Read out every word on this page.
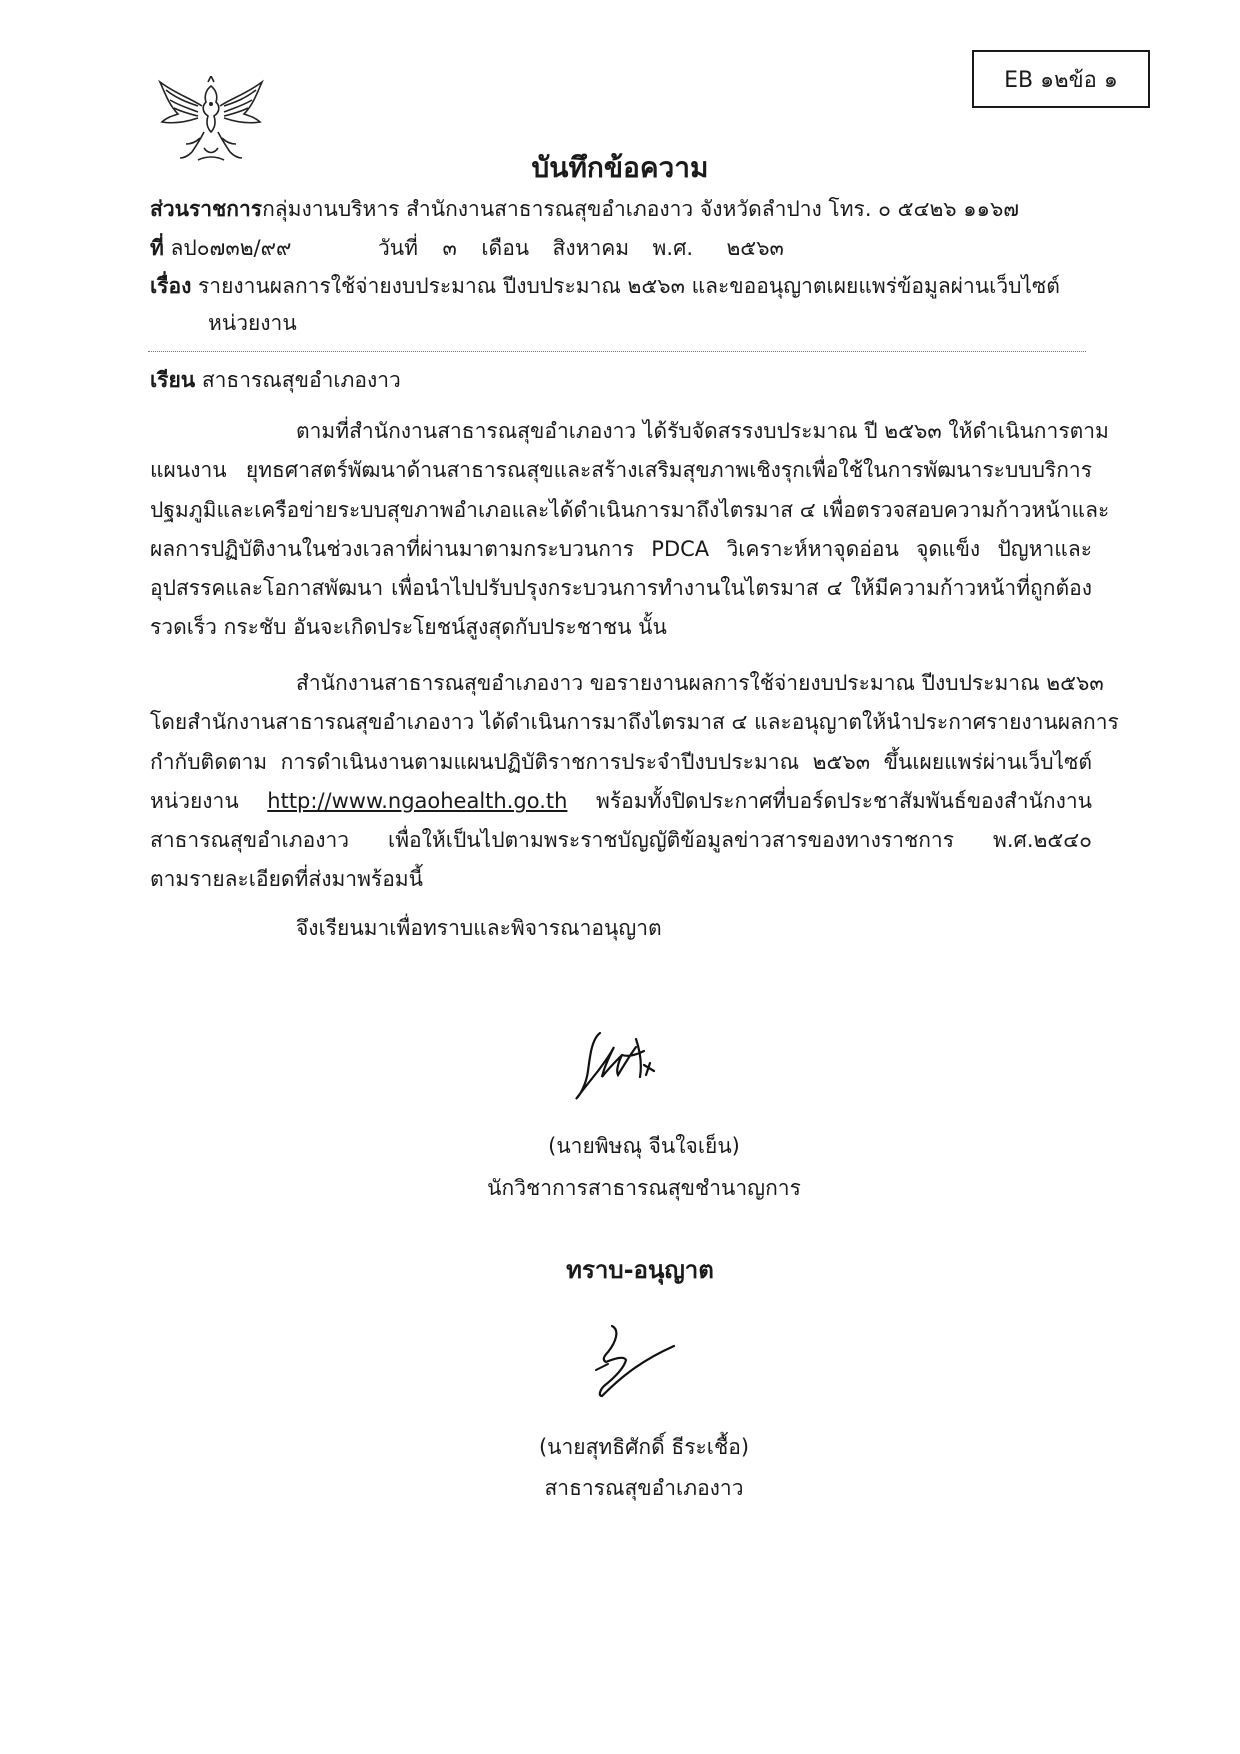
EB ๑๒ข้อ ๑
บันทึกข้อความ
ส่วนราชการกลุ่มงานบริหาร สำนักงานสาธารณสุขอำเภองาว จังหวัดลำปาง โทร. ๐ ๕๔๒๖ ๑๑๖๗
ที่ ลป๐๗๓๒/๙๙	วันที่ ๓ เดือน สิงหาคม พ.ศ. ๒๕๖๓
เรื่อง รายงานผลการใช้จ่ายงบประมาณ ปีงบประมาณ ๒๕๖๓ และขออนุญาตเผยแพร่ข้อมูลผ่านเว็บไซต์
หน่วยงาน
เรียน สาธารณสุขอำเภองาว
ตามที่สำนักงานสาธารณสุขอำเภองาว ได้รับจัดสรรงบประมาณ ปี ๒๕๖๓ ให้ดำเนินการตาม
แผนงาน ยุทธศาสตร์พัฒนาด้านสาธารณสุขและสร้างเสริมสุขภาพเชิงรุกเพื่อใช้ในการพัฒนาระบบบริการ
ปฐมภูมิและเครือข่ายระบบสุขภาพอำเภอและได้ดำเนินการมาถึงไตรมาส ๔ เพื่อตรวจสอบความก้าวหน้าและ
ผลการปฏิบัติงานในช่วงเวลาที่ผ่านมาตามกระบวนการ PDCA วิเคราะห์หาจุดอ่อน จุดแข็ง ปัญหาและ
อุปสรรคและโอกาสพัฒนา เพื่อนำไปปรับปรุงกระบวนการทำงานในไตรมาส ๔ ให้มีความก้าวหน้าที่ถูกต้อง
รวดเร็ว กระชับ อันจะเกิดประโยชน์สูงสุดกับประชาชน นั้น
สำนักงานสาธารณสุขอำเภองาว ขอรายงานผลการใช้จ่ายงบประมาณ ปีงบประมาณ ๒๕๖๓
โดยสำนักงานสาธารณสุขอำเภองาว ได้ดำเนินการมาถึงไตรมาส ๔ และอนุญาตให้นำประกาศรายงานผลการ
กำกับติดตาม การดำเนินงานตามแผนปฏิบัติราชการประจำปีงบประมาณ ๒๕๖๓ ขึ้นเผยแพร่ผ่านเว็บไซต์
หน่วยงาน http://www.ngaohealth.go.th พร้อมทั้งปิดประกาศที่บอร์ดประชาสัมพันธ์ของสำนักงาน
สาธารณสุขอำเภองาว เพื่อให้เป็นไปตามพระราชบัญญัติข้อมูลข่าวสารของทางราชการ พ.ศ.๒๕๔๐
ตามรายละเอียดที่ส่งมาพร้อมนี้
จึงเรียนมาเพื่อทราบและพิจารณาอนุญาต
(นายพิษณุ จีนใจเย็น)
นักวิชาการสาธารณสุขชำนาญการ
ทราบ-อนุญาต
(นายสุทธิศักดิ์ ธีระเชื้อ)
สาธารณสุขอำเภองาว
